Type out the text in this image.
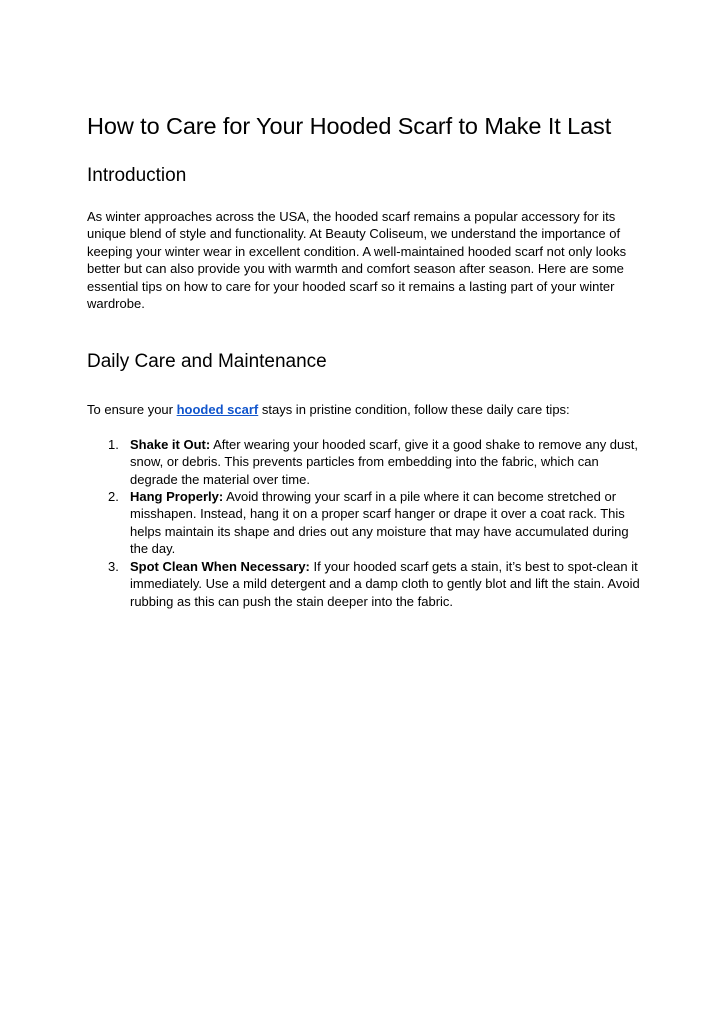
How to Care for Your Hooded Scarf to Make It Last
Introduction

As winter approaches across the USA, the hooded scarf remains a popular accessory for its unique blend of style and functionality. At Beauty Coliseum, we understand the importance of keeping your winter wear in excellent condition. A well-maintained hooded scarf not only looks better but can also provide you with warmth and comfort season after season. Here are some essential tips on how to care for your hooded scarf so it remains a lasting part of your winter wardrobe.

Daily Care and Maintenance

To ensure your hooded scarf stays in pristine condition, follow these daily care tips:

1. Shake it Out: After wearing your hooded scarf, give it a good shake to remove any dust, snow, or debris. This prevents particles from embedding into the fabric, which can degrade the material over time.
2. Hang Properly: Avoid throwing your scarf in a pile where it can become stretched or misshapen. Instead, hang it on a proper scarf hanger or drape it over a coat rack. This helps maintain its shape and dries out any moisture that may have accumulated during the day.
3. Spot Clean When Necessary: If your hooded scarf gets a stain, it’s best to spot-clean it immediately. Use a mild detergent and a damp cloth to gently blot and lift the stain. Avoid rubbing as this can push the stain deeper into the fabric.
